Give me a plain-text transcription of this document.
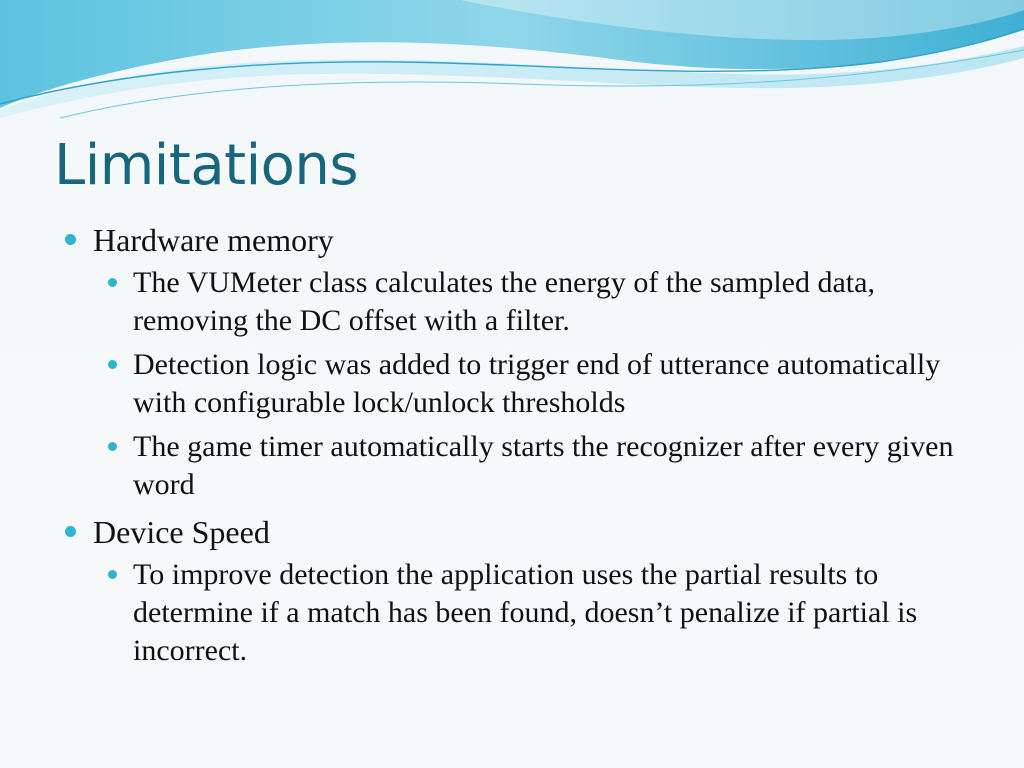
Limitations
Hardware memory
The VUMeter class calculates the energy of the sampled data, removing the DC offset with a filter.
Detection logic was added to trigger end of utterance automatically with configurable lock/unlock thresholds
The game timer automatically starts the recognizer after every given word
Device Speed
To improve detection the application uses the partial results to determine if a match has been found, doesn’t penalize if partial is incorrect.
